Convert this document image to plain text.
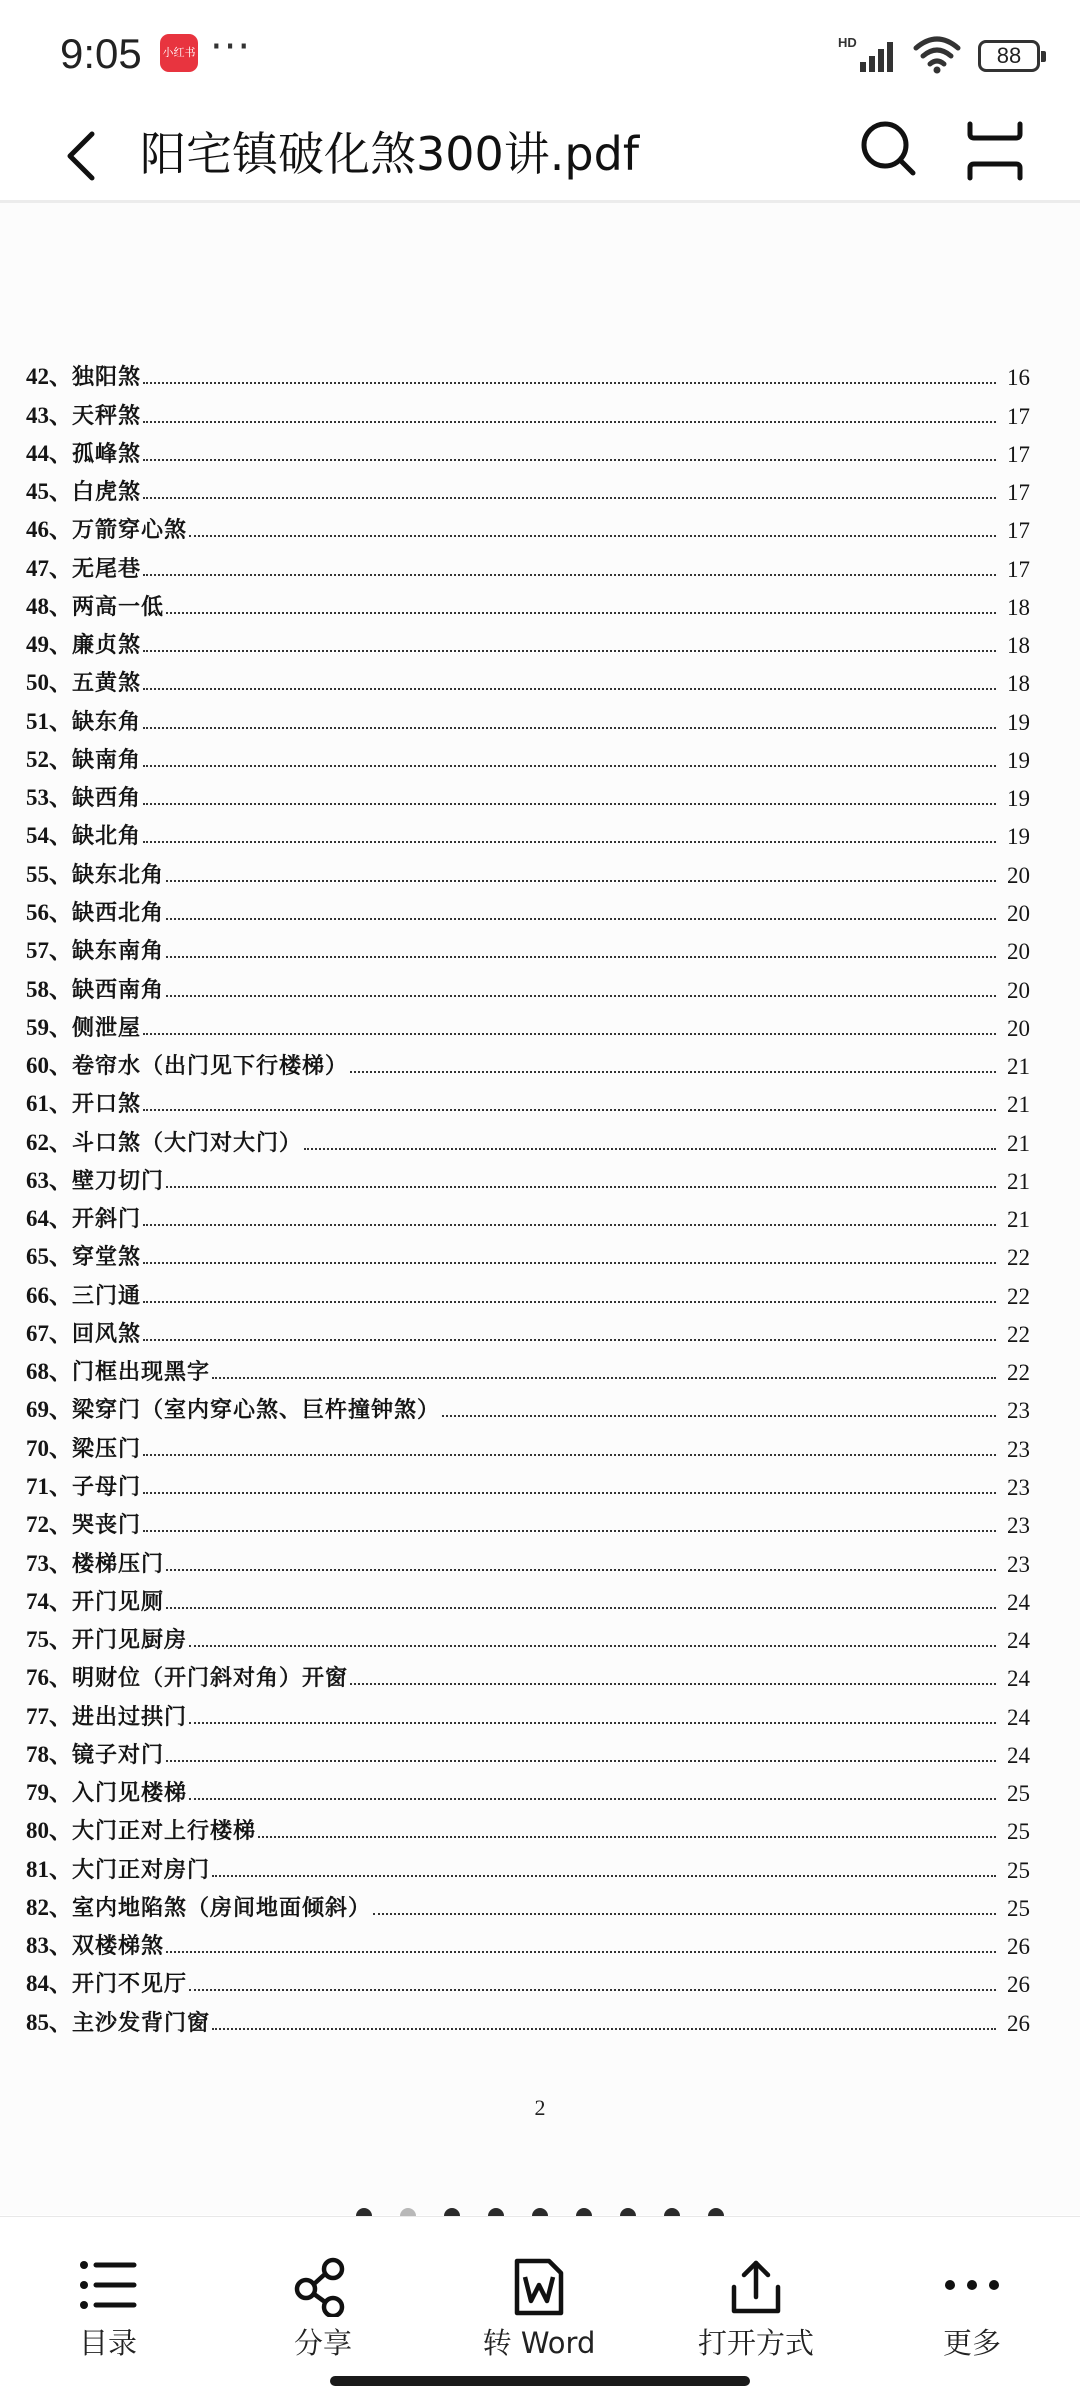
9:05 小红书 ···	HD
88
阳宅镇破化煞300讲.pdf
42、 独阳煞	16
43、 天秤煞	17
44、 孤峰煞	17
45、 白虎煞	17
46、 万箭穿心煞	17
47、 无尾巷	17
48、 两高一低	18
49、 廉贞煞	18
50、 五黄煞	18
51、 缺东角	19
52、 缺南角	19
53、 缺西角	19
54、 缺北角	19
55、 缺东北角	20
56、 缺西北角	20
57、 缺东南角	20
58、 缺西南角	20
59、 侧泄屋	20
60、 卷帘水（出门见下行楼梯）	21
61、 开口煞	21
62、 斗口煞（大门对大门）	21
63、 壁刀切门	21
64、 开斜门	21
65、 穿堂煞	22
66、 三门通	22
67、 回风煞	22
68、 门框出现黑字	22
69、 梁穿门（室内穿心煞、巨杵撞钟煞）	23
70、 梁压门	23
71、 子母门	23
72、 哭丧门	23
73、 楼梯压门	23
74、 开门见厕	24
75、 开门见厨房	24
76、 明财位（开门斜对角）开窗	24
77、 进出过拱门	24
78、 镜子对门	24
79、 入门见楼梯	25
80、 大门正对上行楼梯	25
81、 大门正对房门	25
82、 室内地陷煞（房间地面倾斜）	25
83、 双楼梯煞	26
84、 开门不见厅	26
85、 主沙发背门窗	26
2
目录	分享	转 Word	打开方式	更多
